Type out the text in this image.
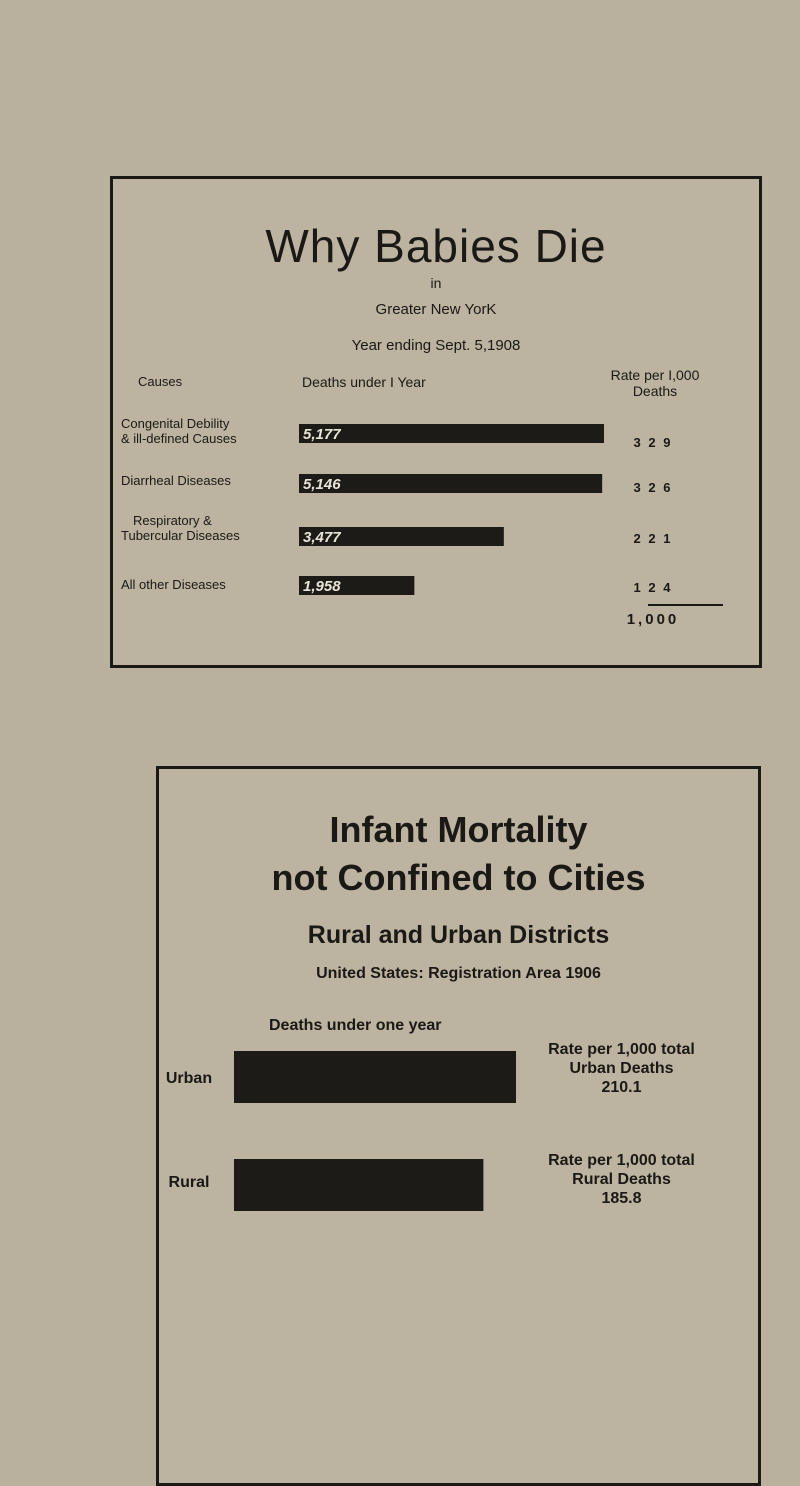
Why Babies Die
in
Greater New YorK
Year ending Sept. 5,1908
Causes	Deaths under I Year	Rate per I,000 Deaths
Congenital Debility
& ill-defined Causes
Diarrheal Diseases
Respiratory &
Tubercular Diseases
All other Diseases
3 2 9
3 2 6
2 2 1
1 2 4
1,000
5,177
5,146
3,477
1,958
Infant Mortality
not Confined to Cities
Rural and Urban Districts
United States: Registration Area 1906
Deaths under one year
Urban
Rural
Rate per 1,000 total
Urban Deaths
210.1
Rate per 1,000 total
Rural Deaths
185.8
